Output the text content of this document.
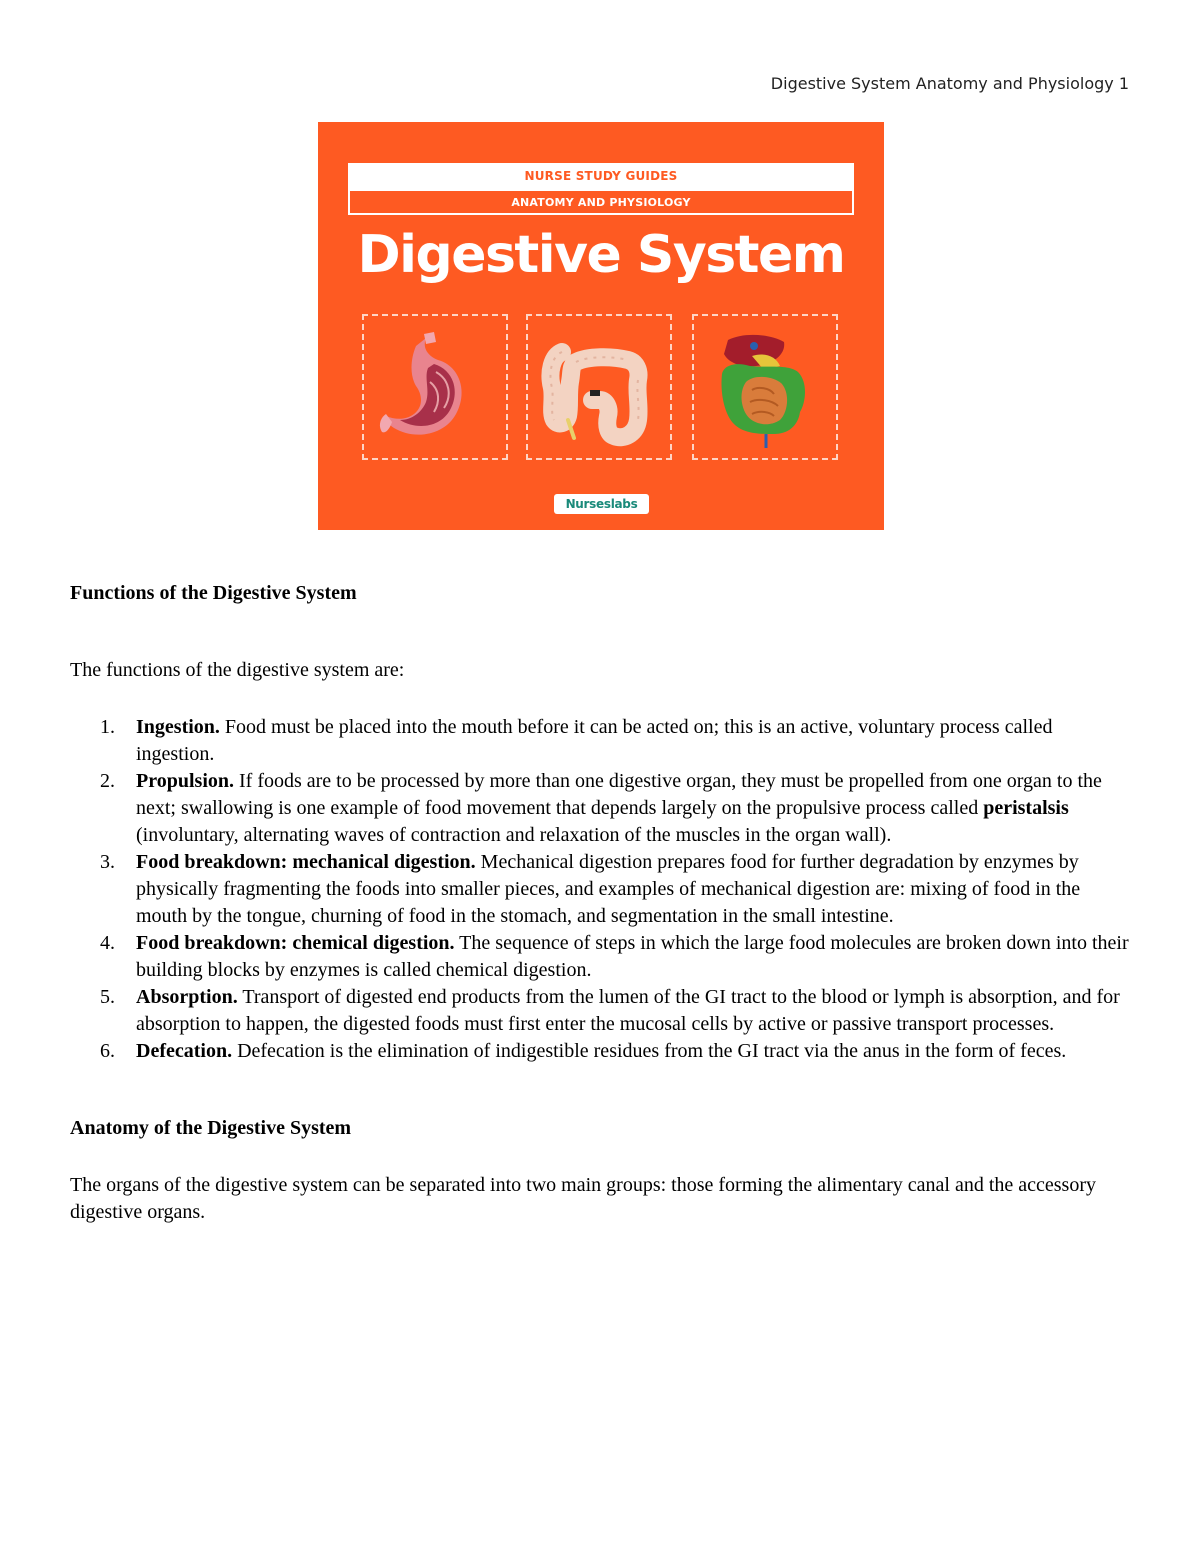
Digestive System Anatomy and Physiology 1
NURSE STUDY GUIDES
ANATOMY AND PHYSIOLOGY
Digestive System
Nurseslabs
Functions of the Digestive System

The functions of the digestive system are:

1. Ingestion. Food must be placed into the mouth before it can be acted on; this is an active, voluntary process called ingestion.
2. Propulsion. If foods are to be processed by more than one digestive organ, they must be propelled from one organ to the next; swallowing is one example of food movement that depends largely on the propulsive process called peristalsis (involuntary, alternating waves of contraction and relaxation of the muscles in the organ wall).
3. Food breakdown: mechanical digestion. Mechanical digestion prepares food for further degradation by enzymes by physically fragmenting the foods into smaller pieces, and examples of mechanical digestion are: mixing of food in the mouth by the tongue, churning of food in the stomach, and segmentation in the small intestine.
4. Food breakdown: chemical digestion. The sequence of steps in which the large food molecules are broken down into their building blocks by enzymes is called chemical digestion.
5. Absorption. Transport of digested end products from the lumen of the GI tract to the blood or lymph is absorption, and for absorption to happen, the digested foods must first enter the mucosal cells by active or passive transport processes.
6. Defecation. Defecation is the elimination of indigestible residues from the GI tract via the anus in the form of feces.
Anatomy of the Digestive System

The organs of the digestive system can be separated into two main groups: those forming the alimentary canal and the accessory digestive organs.
